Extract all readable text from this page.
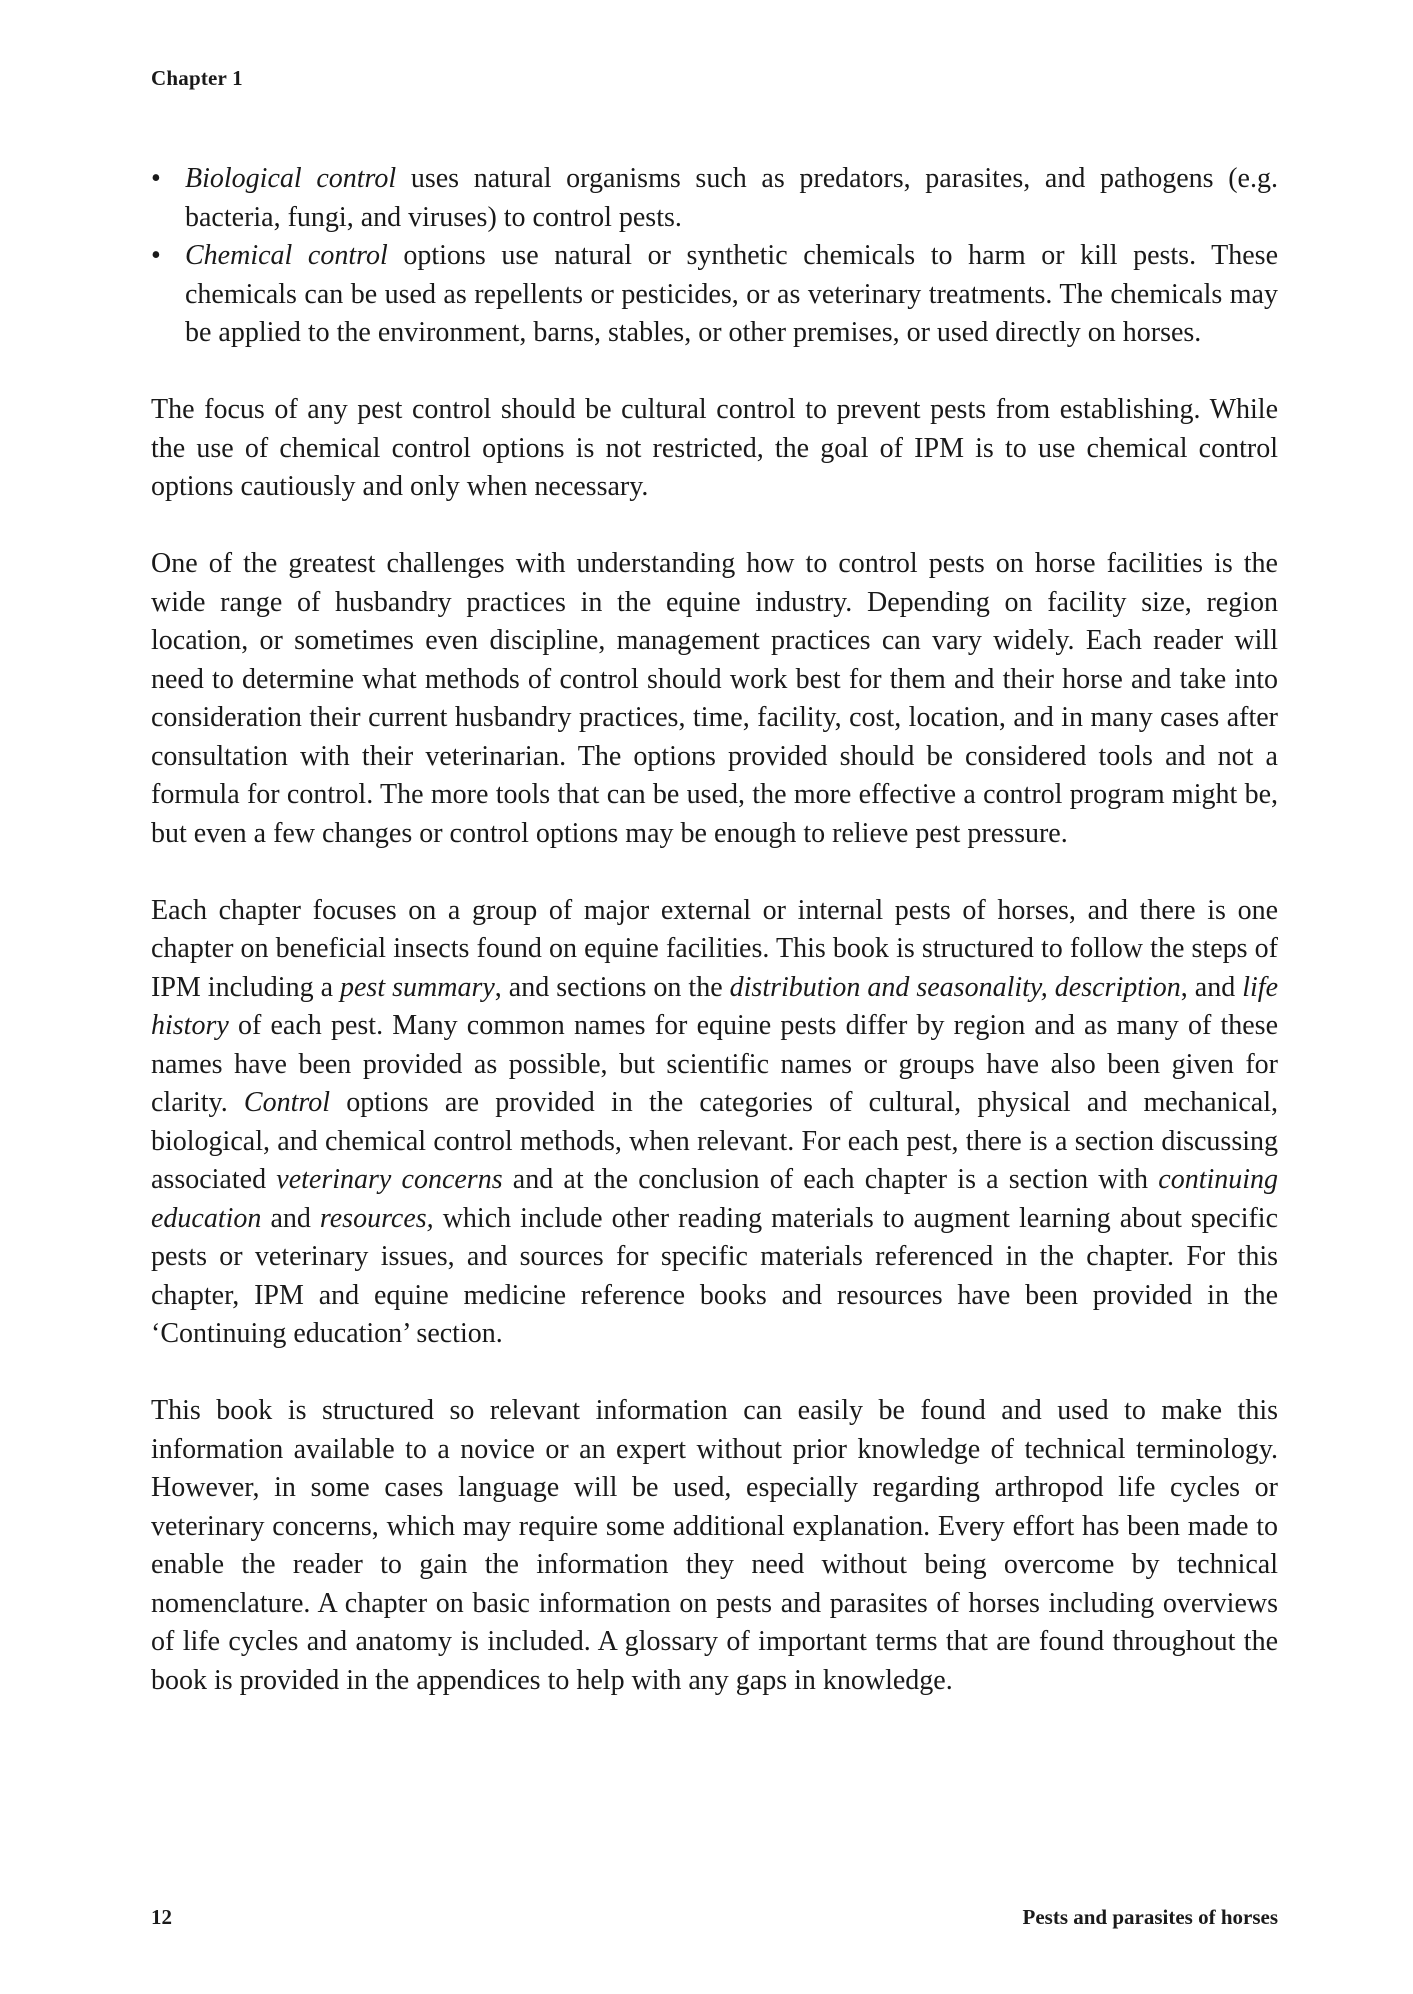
Chapter 1
• Biological control uses natural organisms such as predators, parasites, and pathogens (e.g. bacteria, fungi, and viruses) to control pests.
• Chemical control options use natural or synthetic chemicals to harm or kill pests. These chemicals can be used as repellents or pesticides, or as veterinary treatments. The chemicals may be applied to the environment, barns, stables, or other premises, or used directly on horses.

The focus of any pest control should be cultural control to prevent pests from establishing. While the use of chemical control options is not restricted, the goal of IPM is to use chemical control options cautiously and only when necessary.

One of the greatest challenges with understanding how to control pests on horse facilities is the wide range of husbandry practices in the equine industry. Depending on facility size, region location, or sometimes even discipline, management practices can vary widely. Each reader will need to determine what methods of control should work best for them and their horse and take into consideration their current husbandry practices, time, facility, cost, location, and in many cases after consultation with their veterinarian. The options provided should be considered tools and not a formula for control. The more tools that can be used, the more effective a control program might be, but even a few changes or control options may be enough to relieve pest pressure.

Each chapter focuses on a group of major external or internal pests of horses, and there is one chapter on beneficial insects found on equine facilities. This book is structured to follow the steps of IPM including a pest summary, and sections on the distribution and seasonality, description, and life history of each pest. Many common names for equine pests differ by region and as many of these names have been provided as possible, but scientific names or groups have also been given for clarity. Control options are provided in the categories of cultural, physical and mechanical, biological, and chemical control methods, when relevant. For each pest, there is a section discussing associated veterinary concerns and at the conclusion of each chapter is a section with continuing education and resources, which include other reading materials to augment learning about specific pests or veterinary issues, and sources for specific materials referenced in the chapter. For this chapter, IPM and equine medicine reference books and resources have been provided in the ‘Continuing education’ section.

This book is structured so relevant information can easily be found and used to make this information available to a novice or an expert without prior knowledge of technical terminology. However, in some cases language will be used, especially regarding arthropod life cycles or veterinary concerns, which may require some additional explanation. Every effort has been made to enable the reader to gain the information they need without being overcome by technical nomenclature. A chapter on basic information on pests and parasites of horses including overviews of life cycles and anatomy is included. A glossary of important terms that are found throughout the book is provided in the appendices to help with any gaps in knowledge.

12	Pests and parasites of horses
